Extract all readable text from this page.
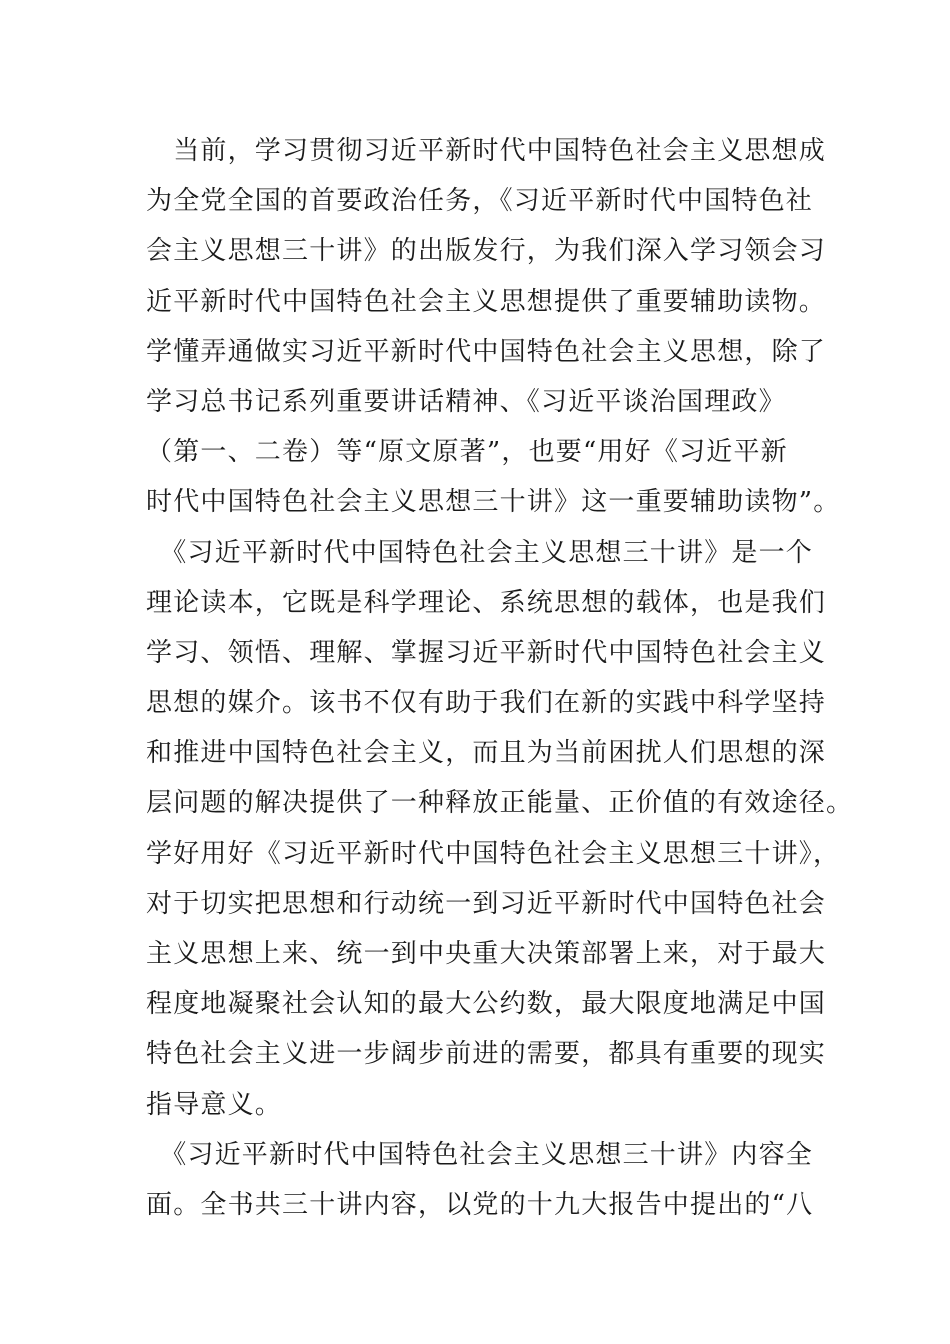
　当前，学习贯彻习近平新时代中国特色社会主义思想成
为全党全国的首要政治任务，《习近平新时代中国特色社
会主义思想三十讲》的出版发行，为我们深入学习领会习
近平新时代中国特色社会主义思想提供了重要辅助读物。
学懂弄通做实习近平新时代中国特色社会主义思想，除了
学习总书记系列重要讲话精神、《习近平谈治国理政》
（第一、二卷）等“原文原著”，也要“用好《习近平新
时代中国特色社会主义思想三十讲》这一重要辅助读物”。
　《习近平新时代中国特色社会主义思想三十讲》是一个
理论读本，它既是科学理论、系统思想的载体，也是我们
学习、领悟、理解、掌握习近平新时代中国特色社会主义
思想的媒介。该书不仅有助于我们在新的实践中科学坚持
和推进中国特色社会主义，而且为当前困扰人们思想的深
层问题的解决提供了一种释放正能量、正价值的有效途径。
学好用好《习近平新时代中国特色社会主义思想三十讲》，
对于切实把思想和行动统一到习近平新时代中国特色社会
主义思想上来、统一到中央重大决策部署上来，对于最大
程度地凝聚社会认知的最大公约数，最大限度地满足中国
特色社会主义进一步阔步前进的需要，都具有重要的现实
指导意义。
　《习近平新时代中国特色社会主义思想三十讲》内容全
面。全书共三十讲内容，以党的十九大报告中提出的“八
